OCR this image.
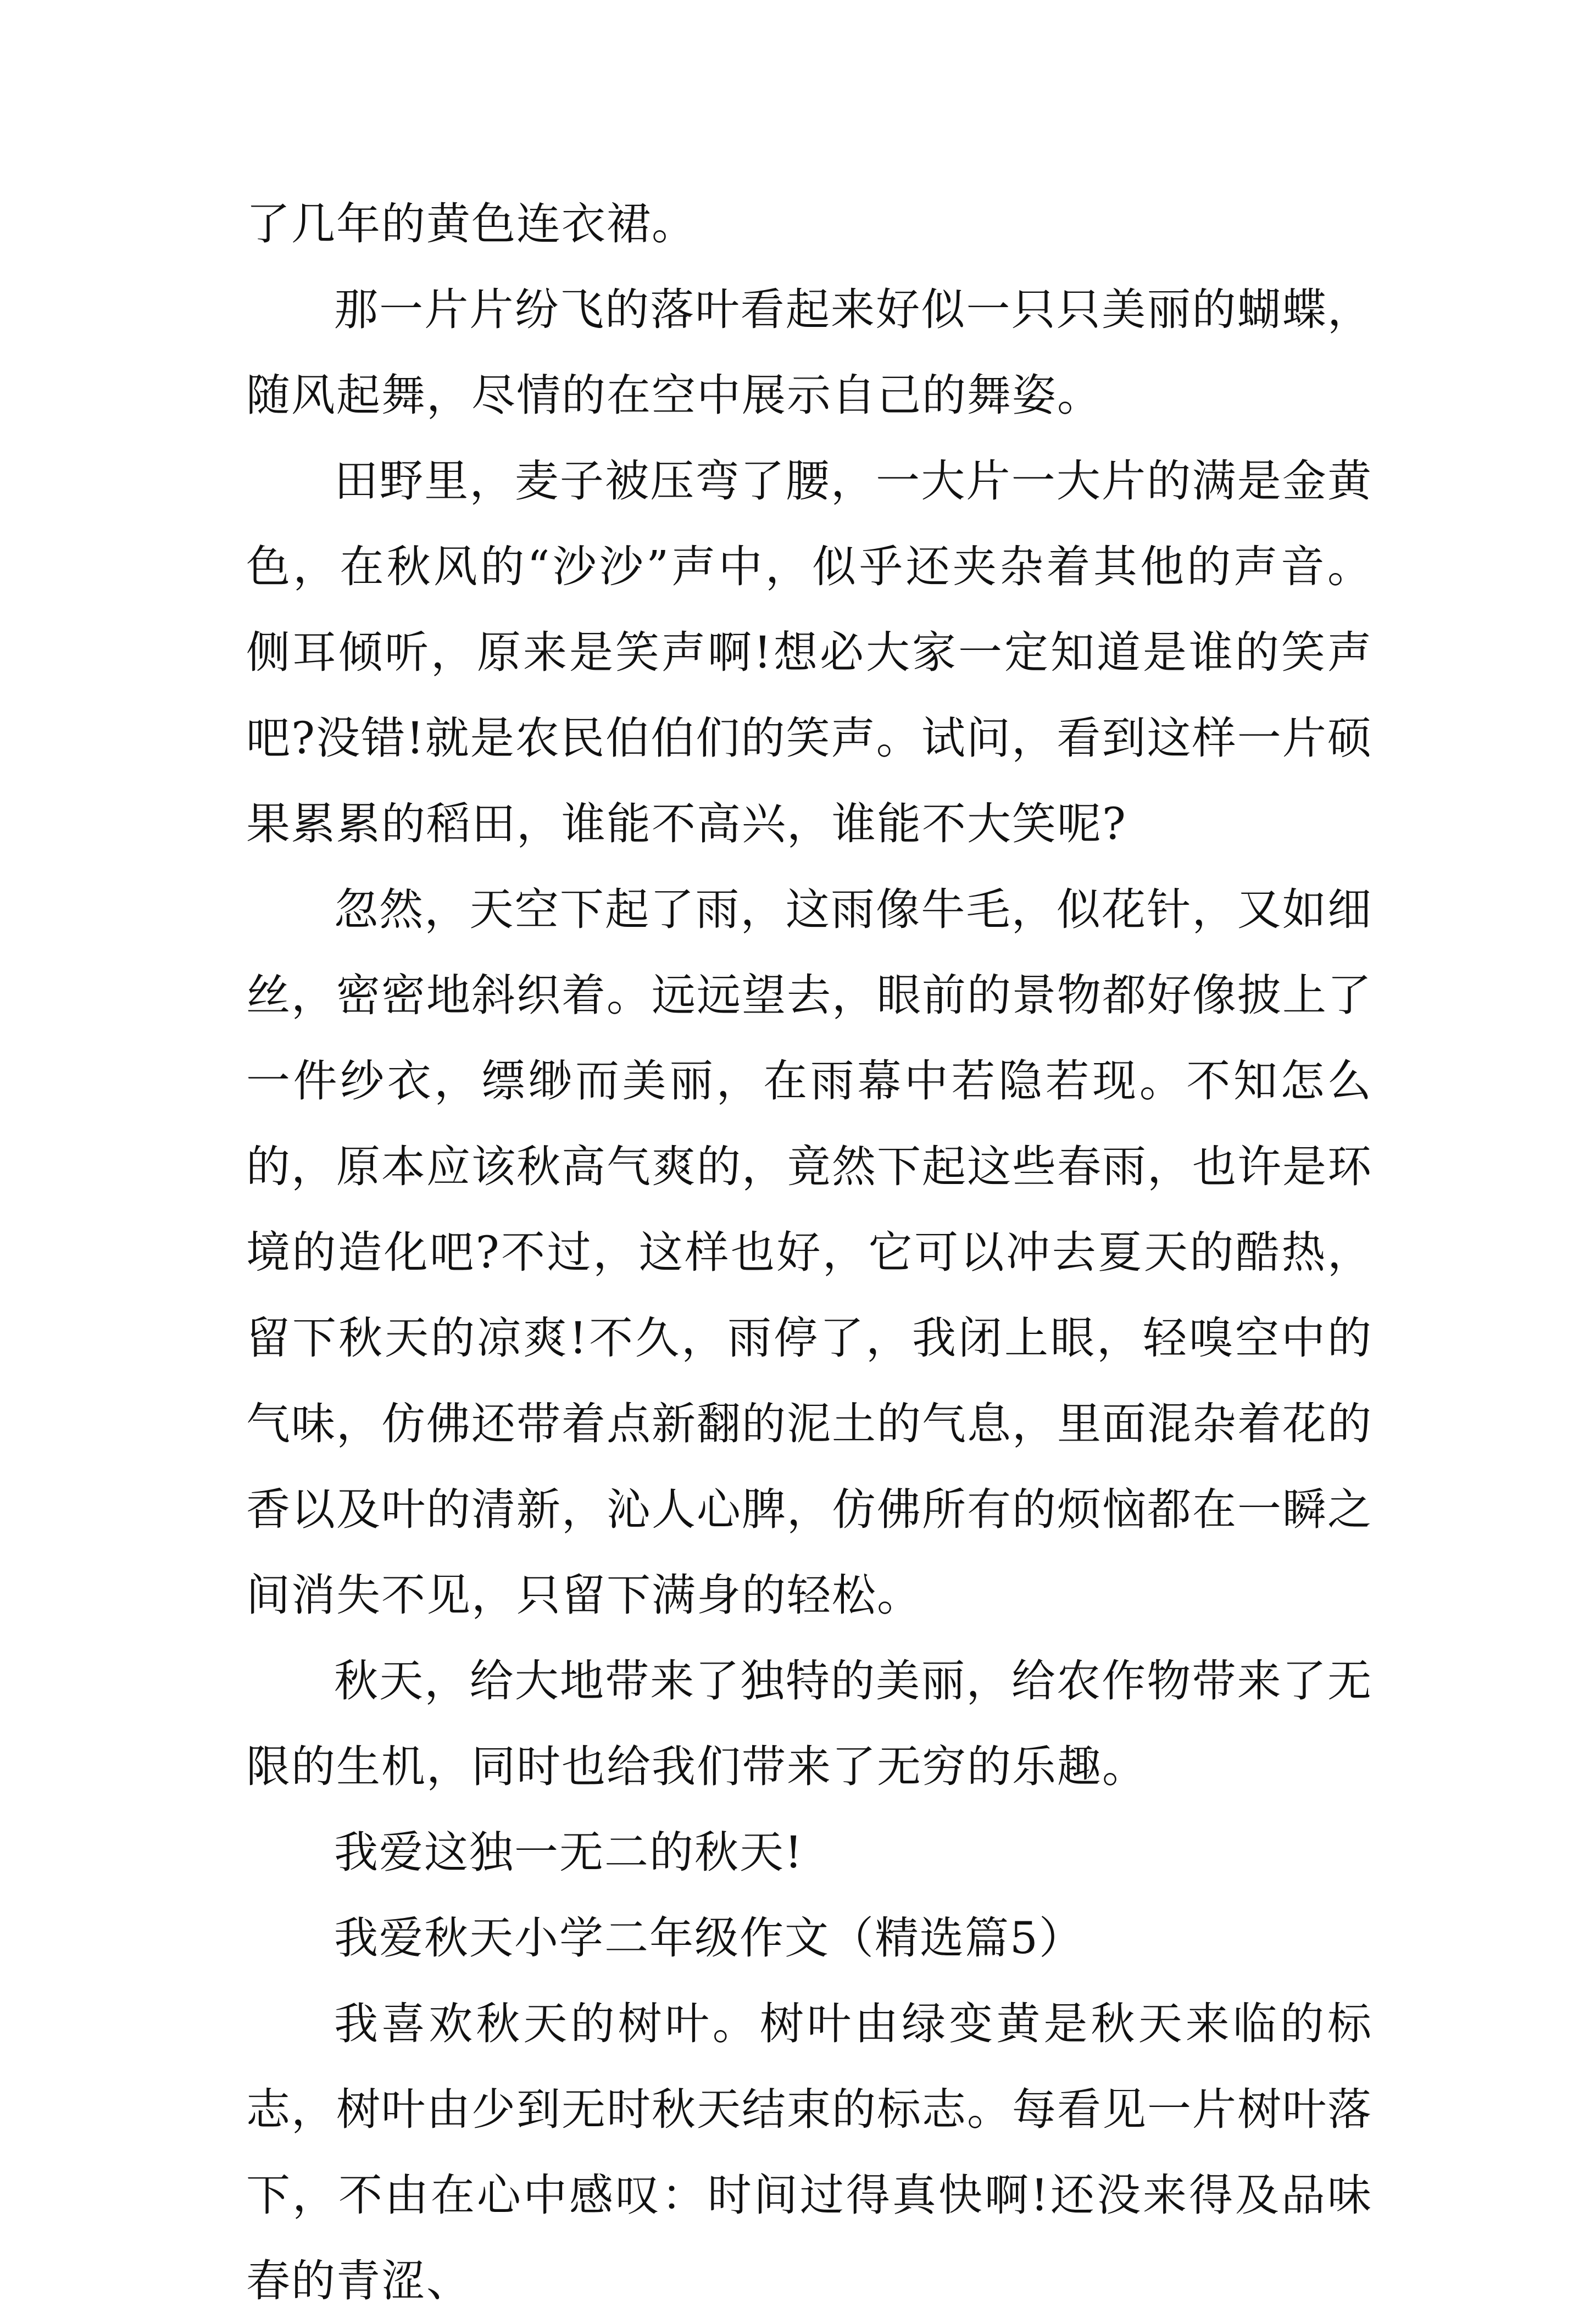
了几年的黄色连衣裙。

那一片片纷飞的落叶看起来好似一只只美丽的蝴蝶，随风起舞，尽情的在空中展示自己的舞姿。

田野里，麦子被压弯了腰，一大片一大片的满是金黄色，在秋风的“沙沙”声中，似乎还夹杂着其他的声音。侧耳倾听，原来是笑声啊!想必大家一定知道是谁的笑声吧?没错!就是农民伯伯们的笑声。试问，看到这样一片硕果累累的稻田，谁能不高兴，谁能不大笑呢?

忽然，天空下起了雨，这雨像牛毛，似花针，又如细丝，密密地斜织着。远远望去，眼前的景物都好像披上了一件纱衣，缥缈而美丽，在雨幕中若隐若现。不知怎么的，原本应该秋高气爽的，竟然下起这些春雨，也许是环境的造化吧?不过，这样也好，它可以冲去夏天的酷热，留下秋天的凉爽!不久，雨停了，我闭上眼，轻嗅空中的气味，仿佛还带着点新翻的泥土的气息，里面混杂着花的香以及叶的清新，沁人心脾，仿佛所有的烦恼都在一瞬之间消失不见，只留下满身的轻松。

秋天，给大地带来了独特的美丽，给农作物带来了无限的生机，同时也给我们带来了无穷的乐趣。

我爱这独一无二的秋天!

我爱秋天小学二年级作文（精选篇5）

我喜欢秋天的树叶。树叶由绿变黄是秋天来临的标志，树叶由少到无时秋天结束的标志。每看见一片树叶落下，不由在心中感叹：时间过得真快啊!还没来得及品味春的青涩、
